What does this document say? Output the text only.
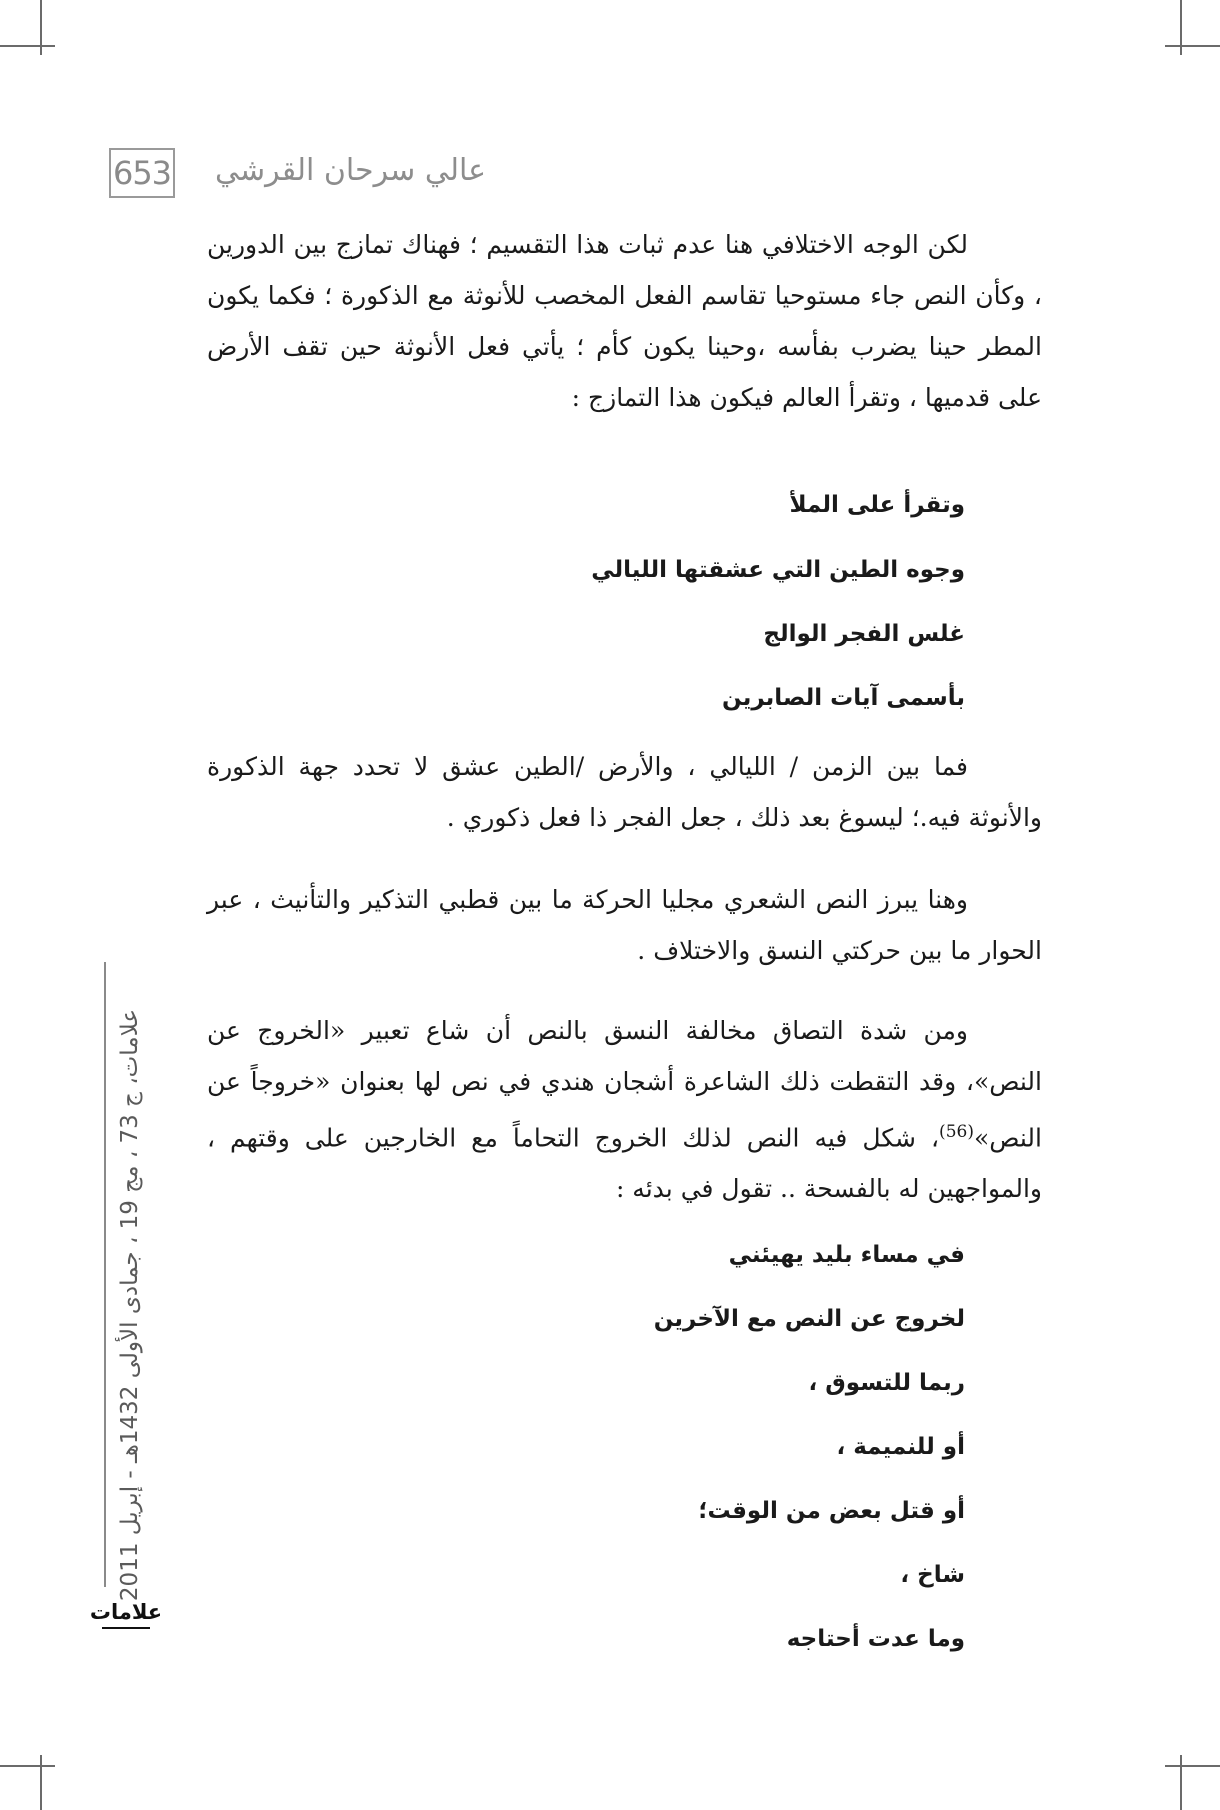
653 عالي سرحان القرشي

لكن الوجه الاختلافي هنا عدم ثبات هذا التقسيم ؛ فهناك تمازج بين الدورين ، وكأن النص جاء مستوحيا تقاسم الفعل المخصب للأنوثة مع الذكورة ؛ فكما يكون المطر حينا يضرب بفأسه ،وحينا يكون كأم ؛ يأتي فعل الأنوثة حين تقف الأرض على قدميها ، وتقرأ العالم فيكون هذا التمازج :

وتقرأ على الملأ
وجوه الطين التي عشقتها الليالي
غلس الفجر الوالج
بأسمى آيات الصابرين

فما بين الزمن / الليالي ، والأرض /الطين عشق لا تحدد جهة الذكورة والأنوثة فيه.؛ ليسوغ بعد ذلك ، جعل الفجر ذا فعل ذكوري .

وهنا يبرز النص الشعري مجليا الحركة ما بين قطبي التذكير والتأنيث ، عبر الحوار ما بين حركتي النسق والاختلاف .

ومن شدة التصاق مخالفة النسق بالنص أن شاع تعبير «الخروج عن النص»، وقد التقطت ذلك الشاعرة أشجان هندي في نص لها بعنوان «خروجاً عن النص»$^{(56)}$، شكل فيه النص لذلك الخروج التحاماً مع الخارجين على وقتهم ، والمواجهين له بالفسحة .. تقول في بدئه :

في مساء بليد يهيئني
لخروج عن النص مع الآخرين
ربما للتسوق ،
أو للنميمة ،
أو قتل بعض من الوقت؛
شاخ ،
وما عدت أحتاجه
علامات، ج 73 ، مج 19 ، جمادى الأولى 1432هـ - إبريل 2011
علامات
